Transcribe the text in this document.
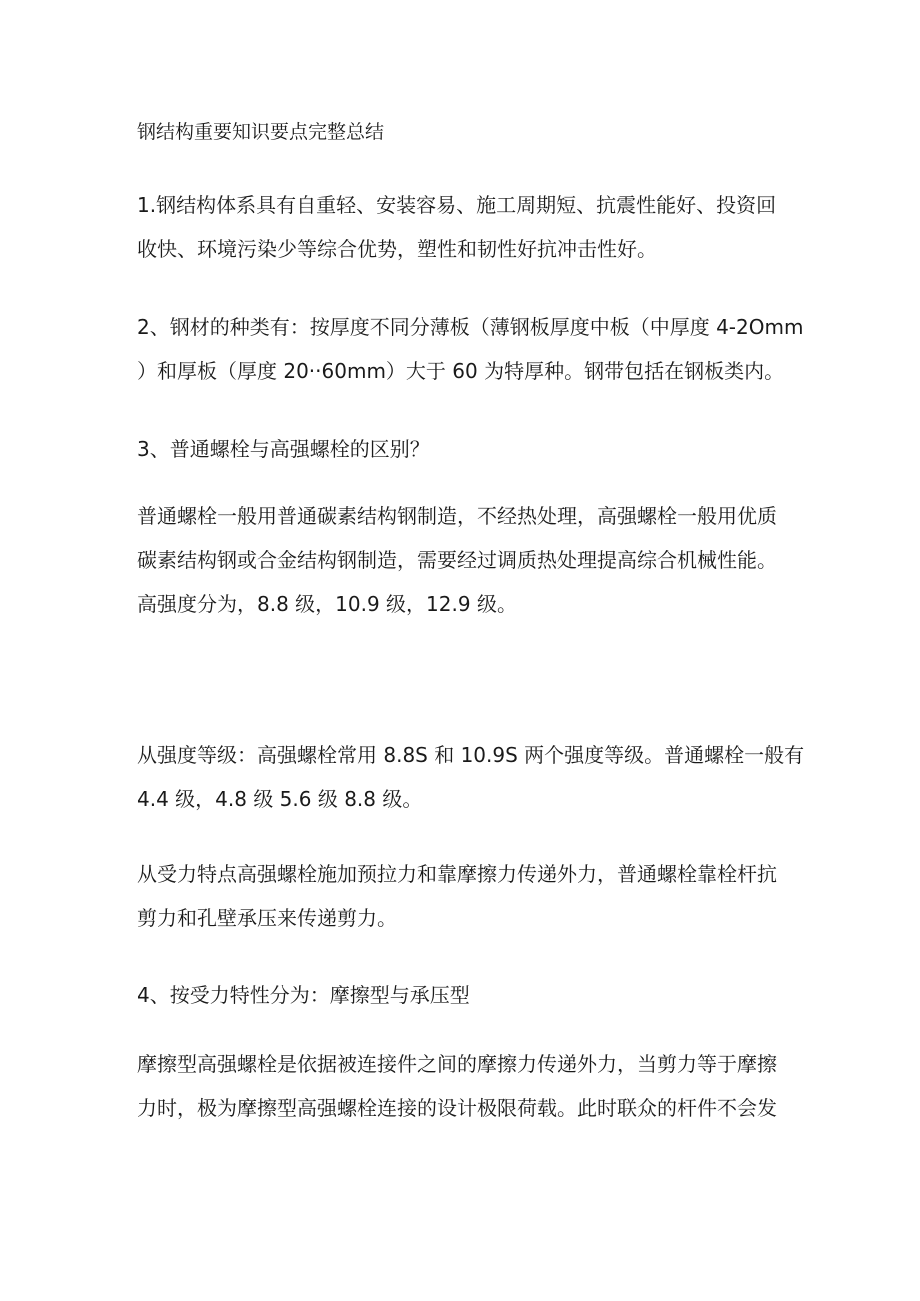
钢结构重要知识要点完整总结

1.钢结构体系具有自重轻、安装容易、施工周期短、抗震性能好、投资回
收快、环境污染少等综合优势，塑性和韧性好抗冲击性好。

2、钢材的种类有：按厚度不同分薄板（薄钢板厚度中板（中厚度 4-2Omm
）和厚板（厚度 20··60mm）大于 60 为特厚种。钢带包括在钢板类内。

3、普通螺栓与高强螺栓的区别？

普通螺栓一般用普通碳素结构钢制造，不经热处理，高强螺栓一般用优质
碳素结构钢或合金结构钢制造，需要经过调质热处理提高综合机械性能。
高强度分为，8.8 级，10.9 级，12.9 级。

从强度等级：高强螺栓常用 8.8S 和 10.9S 两个强度等级。普通螺栓一般有
4.4 级，4.8 级 5.6 级 8.8 级。

从受力特点高强螺栓施加预拉力和靠摩擦力传递外力，普通螺栓靠栓杆抗
剪力和孔壁承压来传递剪力。

4、按受力特性分为：摩擦型与承压型

摩擦型高强螺栓是依据被连接件之间的摩擦力传递外力，当剪力等于摩擦
力时，极为摩擦型高强螺栓连接的设计极限荷载。此时联众的杆件不会发
